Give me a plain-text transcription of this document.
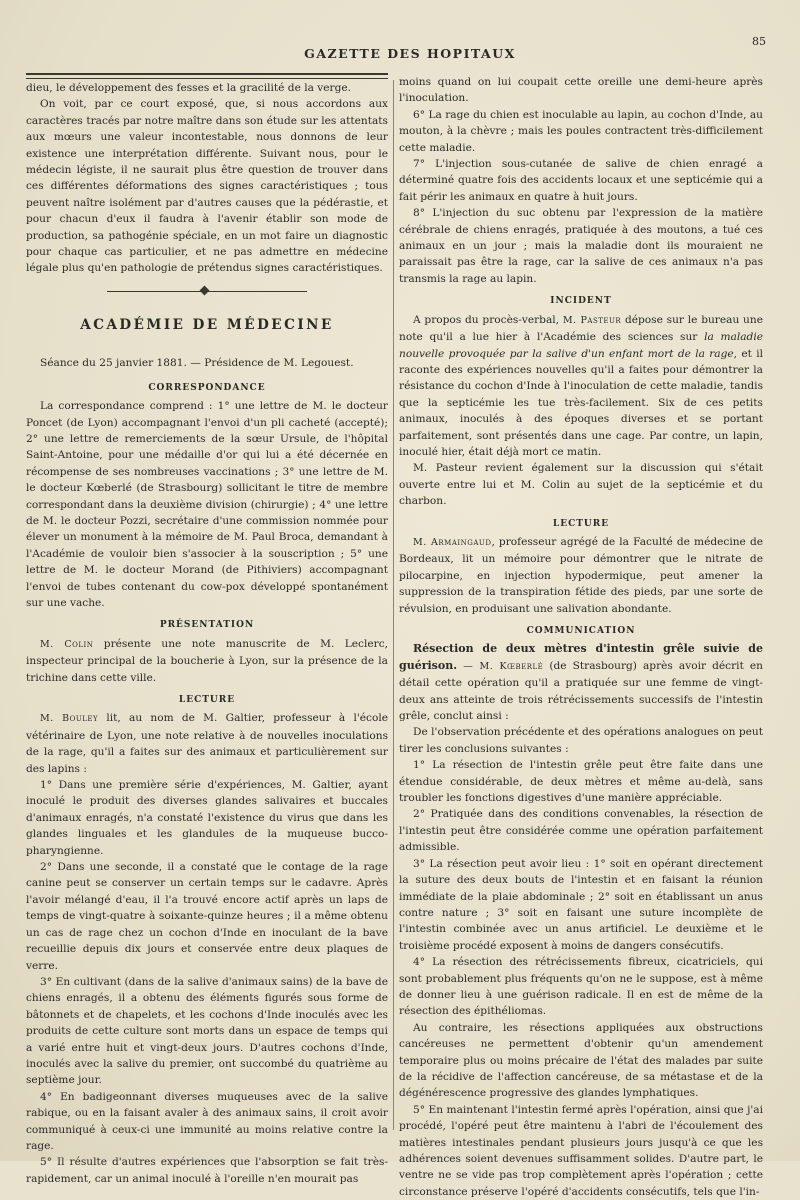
GAZETTE DES HOPITAUX
85

dieu, le développement des fesses et la gracilité de la verge.

On voit, par ce court exposé, que, si nous accordons aux caractères tracés par notre maître dans son étude sur les attentats aux mœurs une valeur incontestable, nous donnons de leur existence une interprétation différente. Suivant nous, pour le médecin légiste, il ne saurait plus être question de trouver dans ces différentes déformations des signes caractéristiques ; tous peuvent naître isolément par d'autres causes que la pédérastie, et pour chacun d'eux il faudra à l'avenir établir son mode de production, sa pathogénie spéciale, en un mot faire un diagnostic pour chaque cas particulier, et ne pas admettre en médecine légale plus qu'en pathologie de prétendus signes caractéristiques.

ACADÉMIE DE MÉDECINE

Séance du 25 janvier 1881. — Présidence de M. Legouest.

CORRESPONDANCE

La correspondance comprend : 1° une lettre de M. le docteur Poncet (de Lyon) accompagnant l'envoi d'un pli cacheté (accepté); 2° une lettre de remerciements de la sœur Ursule, de l'hôpital Saint-Antoine, pour une médaille d'or qui lui a été décernée en récompense de ses nombreuses vaccinations ; 3° une lettre de M. le docteur Kœberlé (de Strasbourg) sollicitant le titre de membre correspondant dans la deuxième division (chirurgie) ; 4° une lettre de M. le docteur Pozzi, secrétaire d'une commission nommée pour élever un monument à la mémoire de M. Paul Broca, demandant à l'Académie de vouloir bien s'associer à la souscription ; 5° une lettre de M. le docteur Morand (de Pithiviers) accompagnant l'envoi de tubes contenant du cow-pox développé spontanément sur une vache.

PRÉSENTATION

M. Colin présente une note manuscrite de M. Leclerc, inspecteur principal de la boucherie à Lyon, sur la présence de la trichine dans cette ville.

LECTURE

M. Bouley lit, au nom de M. Galtier, professeur à l'école vétérinaire de Lyon, une note relative à de nouvelles inoculations de la rage, qu'il a faites sur des animaux et particulièrement sur des lapins :

1° Dans une première série d'expériences, M. Galtier, ayant inoculé le produit des diverses glandes salivaires et buccales d'animaux enragés, n'a constaté l'existence du virus que dans les glandes linguales et les glandules de la muqueuse bucco-pharyngienne.

2° Dans une seconde, il a constaté que le contage de la rage canine peut se conserver un certain temps sur le cadavre. Après l'avoir mélangé d'eau, il l'a trouvé encore actif après un laps de temps de vingt-quatre à soixante-quinze heures ; il a même obtenu un cas de rage chez un cochon d'Inde en inoculant de la bave recueillie depuis dix jours et conservée entre deux plaques de verre.

3° En cultivant (dans de la salive d'animaux sains) de la bave de chiens enragés, il a obtenu des éléments figurés sous forme de bâtonnets et de chapelets, et les cochons d'Inde inoculés avec les produits de cette culture sont morts dans un espace de temps qui a varié entre huit et vingt-deux jours. D'autres cochons d'Inde, inoculés avec la salive du premier, ont succombé du quatrième au septième jour.

4° En badigeonnant diverses muqueuses avec de la salive rabique, ou en la faisant avaler à des animaux sains, il croit avoir communiqué à ceux-ci une immunité au moins relative contre la rage.

5° Il résulte d'autres expériences que l'absorption se fait très-rapidement, car un animal inoculé à l'oreille n'en mourait pas

moins quand on lui coupait cette oreille une demi-heure après l'inoculation.

6° La rage du chien est inoculable au lapin, au cochon d'Inde, au mouton, à la chèvre ; mais les poules contractent très-difficilement cette maladie.

7° L'injection sous-cutanée de salive de chien enragé a déterminé quatre fois des accidents locaux et une septicémie qui a fait périr les animaux en quatre à huit jours.

8° L'injection du suc obtenu par l'expression de la matière cérébrale de chiens enragés, pratiquée à des moutons, a tué ces animaux en un jour ; mais la maladie dont ils mouraient ne paraissait pas être la rage, car la salive de ces animaux n'a pas transmis la rage au lapin.

INCIDENT

A propos du procès-verbal, M. Pasteur dépose sur le bureau une note qu'il a lue hier à l'Académie des sciences sur la maladie nouvelle provoquée par la salive d'un enfant mort de la rage, et il raconte des expériences nouvelles qu'il a faites pour démontrer la résistance du cochon d'Inde à l'inoculation de cette maladie, tandis que la septicémie les tue très-facilement. Six de ces petits animaux, inoculés à des époques diverses et se portant parfaitement, sont présentés dans une cage. Par contre, un lapin, inoculé hier, était déjà mort ce matin.

M. Pasteur revient également sur la discussion qui s'était ouverte entre lui et M. Colin au sujet de la septicémie et du charbon.

LECTURE

M. Armaingaud, professeur agrégé de la Faculté de médecine de Bordeaux, lit un mémoire pour démontrer que le nitrate de pilocarpine, en injection hypodermique, peut amener la suppression de la transpiration fétide des pieds, par une sorte de révulsion, en produisant une salivation abondante.

COMMUNICATION

Résection de deux mètres d'intestin grêle suivie de guérison. — M. Kœberlé (de Strasbourg) après avoir décrit en détail cette opération qu'il a pratiquée sur une femme de vingt-deux ans atteinte de trois rétrécissements successifs de l'intestin grêle, conclut ainsi :

De l'observation précédente et des opérations analogues on peut tirer les conclusions suivantes :

1° La résection de l'intestin grêle peut être faite dans une étendue considérable, de deux mètres et même au-delà, sans troubler les fonctions digestives d'une manière appréciable.

2° Pratiquée dans des conditions convenables, la résection de l'intestin peut être considérée comme une opération parfaitement admissible.

3° La résection peut avoir lieu : 1° soit en opérant directement la suture des deux bouts de l'intestin et en faisant la réunion immédiate de la plaie abdominale ; 2° soit en établissant un anus contre nature ; 3° soit en faisant une suture incomplète de l'intestin combinée avec un anus artificiel. Le deuxième et le troisième procédé exposent à moins de dangers consécutifs.

4° La résection des rétrécissements fibreux, cicatriciels, qui sont probablement plus fréquents qu'on ne le suppose, est à même de donner lieu à une guérison radicale. Il en est de même de la résection des épithéliomas.

Au contraire, les résections appliquées aux obstructions cancéreuses ne permettent d'obtenir qu'un amendement temporaire plus ou moins précaire de l'état des malades par suite de la récidive de l'affection cancéreuse, de sa métastase et de la dégénérescence progressive des glandes lymphatiques.

5° En maintenant l'intestin fermé après l'opération, ainsi que j'ai procédé, l'opéré peut être maintenu à l'abri de l'écoulement des matières intestinales pendant plusieurs jours jusqu'à ce que les adhérences soient devenues suffisamment solides. D'autre part, le ventre ne se vide pas trop complètement après l'opération ; cette circonstance préserve l'opéré d'accidents consécutifs, tels que l'in-
